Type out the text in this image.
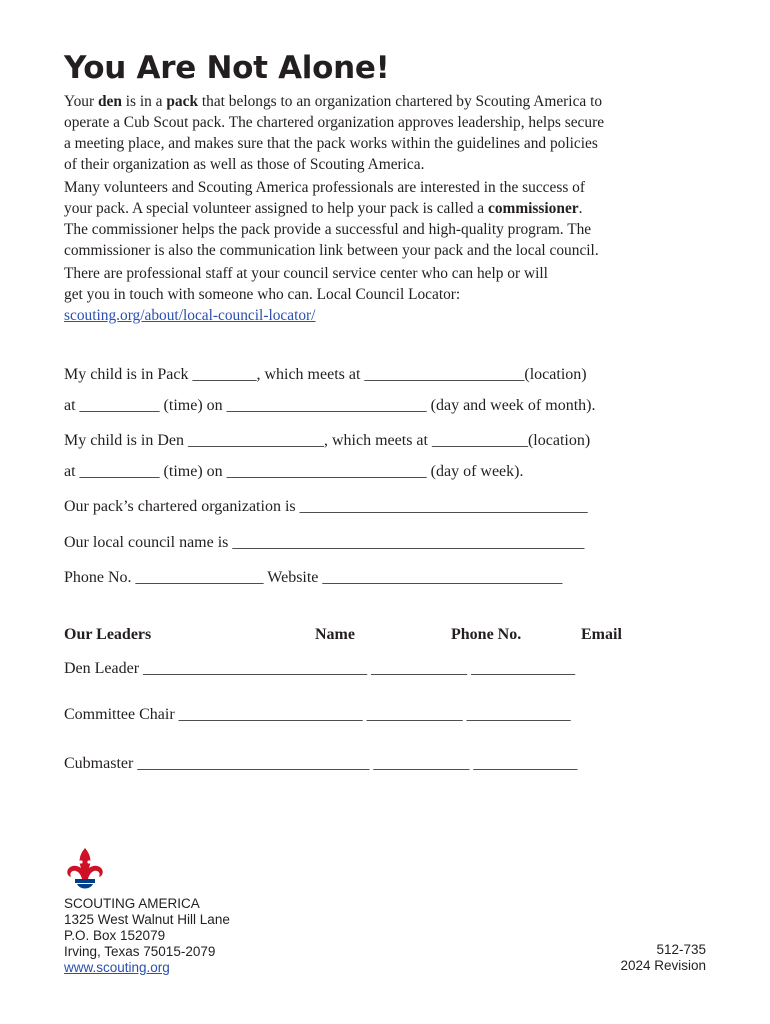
You Are Not Alone!

Your den is in a pack that belongs to an organization chartered by Scouting America to
operate a Cub Scout pack. The chartered organization approves leadership, helps secure
a meeting place, and makes sure that the pack works within the guidelines and policies
of their organization as well as those of Scouting America.

Many volunteers and Scouting America professionals are interested in the success of
your pack. A special volunteer assigned to help your pack is called a commissioner.
The commissioner helps the pack provide a successful and high-quality program. The
commissioner is also the communication link between your pack and the local council.

There are professional staff at your council service center who can help or will
get you in touch with someone who can. Local Council Locator:
scouting.org/about/local-council-locator/

My child is in Pack ________, which meets at ____________________(location)
at __________ (time) on _________________________ (day and week of month).
My child is in Den _________________, which meets at ____________(location)
at __________ (time) on _________________________ (day of week).
Our pack’s chartered organization is ____________________________________
Our local council name is ____________________________________________
Phone No. ________________ Website ______________________________
Our Leaders	Name	Phone No.	Email
Den Leader ____________________________ ____________ _____________
Committee Chair _______________________ ____________ _____________
Cubmaster _____________________________ ____________ _____________
SCOUTING AMERICA
1325 West Walnut Hill Lane
P.O. Box 152079
Irving, Texas 75015-2079
www.scouting.org
512-735
2024 Revision
